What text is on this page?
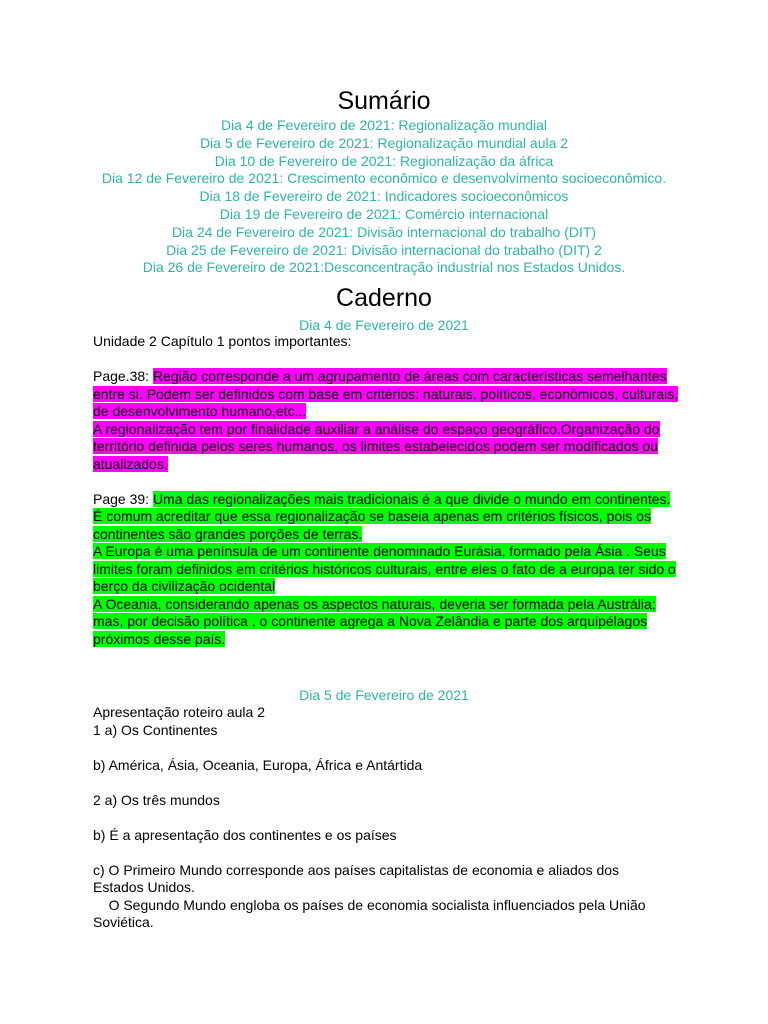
Sumário
Dia 4 de Fevereiro de 2021: Regionalização mundial
Dia 5 de Fevereiro de 2021: Regionalização mundial aula 2
Dia 10 de Fevereiro de 2021: Regionalização da áfrica
Dia 12 de Fevereiro de 2021: Crescimento econômico e desenvolvimento socioeconômico.
Dia 18 de Fevereiro de 2021: Indicadores socioeconômicos
Dia 19 de Fevereiro de 2021: Comércio internacional
Dia 24 de Fevereiro de 2021: Divisão internacional do trabalho (DIT)
Dia 25 de Fevereiro de 2021: Divisão internacional do trabalho (DIT) 2
Dia 26 de Fevereiro de 2021:Desconcentração industrial nos Estados Unidos.
Caderno
Dia 4 de Fevereiro de 2021

Unidade 2 Capítulo 1 pontos importantes:

Page.38: Região corresponde a um agrupamento de áreas com características semelhantes entre si. Podem ser definidos com base em critérios: naturais, políticos, econômicos, culturais, de desenvolvimento humano,etc...

A regionalização tem por finalidade auxiliar a análise do espaço geográfico.Organização do território definida pelos seres humanos, os limites estabelecidos podem ser modificados ou atualizados.

Page 39: Uma das regionalizações mais tradicionais é a que divide o mundo em continentes. É comum acreditar que essa regionalização se baseia apenas em critérios físicos, pois os continentes são grandes porções de terras.

A Europa é uma península de um continente denominado Eurásia, formado pela Ásia . Seus limites foram definidos em critérios históricos culturais, entre eles o fato de a europa ter sido o berço da civilização ocidental

A Oceania, considerando apenas os aspectos naturais, deveria ser formada pela Austrália; mas, por decisão política , o continente agrega a Nova Zelândia e parte dos arquipélagos próximos desse país.

Dia 5 de Fevereiro de 2021

Apresentação roteiro aula 2

1 a) Os Continentes

b) América, Ásia, Oceania, Europa, África e Antártida

2 a) Os três mundos

b) É a apresentação dos continentes e os países

c) O Primeiro Mundo corresponde aos países capitalistas de economia e aliados dos Estados Unidos.

O Segundo Mundo engloba os países de economia socialista influenciados pela União Soviética.
